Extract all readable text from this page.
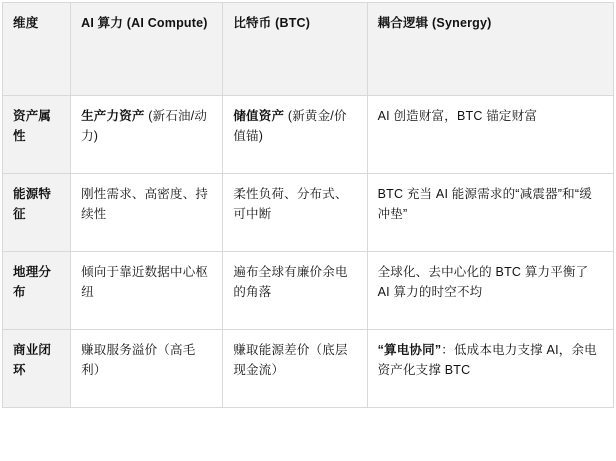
维度	AI 算力 (AI Compute)	比特币 (BTC)	耦合逻辑 (Synergy)
资产属性	生产力资产 (新石油/动力)	储值资产 (新黄金/价值锚)	AI 创造财富，BTC 锚定财富
能源特征	刚性需求、高密度、持续性	柔性负荷、分布式、可中断	BTC 充当 AI 能源需求的“减震器”和“缓冲垫”
地理分布	倾向于靠近数据中心枢纽	遍布全球有廉价余电的角落	全球化、去中心化的 BTC 算力平衡了 AI 算力的时空不均
商业闭环	赚取服务溢价（高毛利）	赚取能源差价（底层现金流）	“算电协同”：低成本电力支撑 AI，余电资产化支撑 BTC
